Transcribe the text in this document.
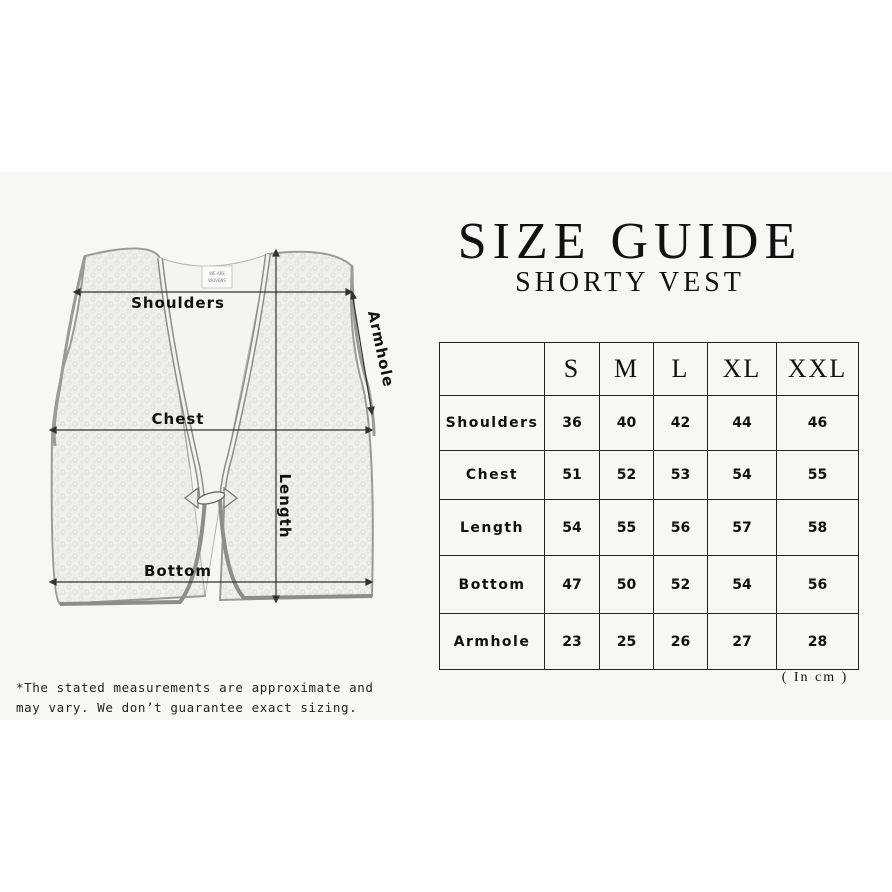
WE ARE
WOVENS
Shoulders
Chest
Bottom
Armhole
Length
SIZE GUIDE
SHORTY VEST
	S	M	L	XL	XXL
Shoulders	36	40	42	44	46
Chest	51	52	53	54	55
Length	54	55	56	57	58
Bottom	47	50	52	54	56
Armhole	23	25	26	27	28
( In cm )
*The stated measurements are approximate and
may vary. We don’t guarantee exact sizing.
